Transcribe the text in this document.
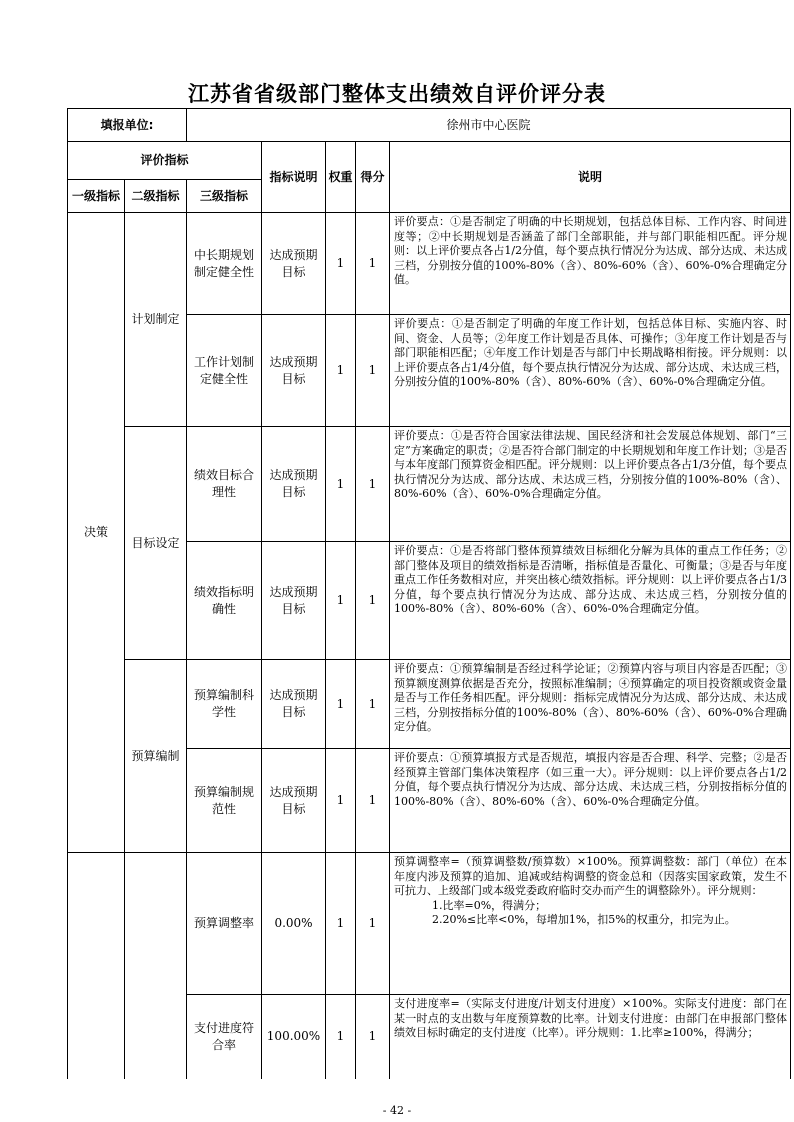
江苏省省级部门整体支出绩效自评价评分表
填报单位:		徐州市中心医院				
评价指标			指标说明	权重	得分	说明
一级指标	二级指标	三级指标				
决策	计划制定	中长期规划制定健全性	达成预期目标	1	1	评价要点：①是否制定了明确的中长期规划，包括总体目标、工作内容、时间进度等；②中长期规划是否涵盖了部门全部职能，并与部门职能相匹配。评分规则：以上评价要点各占1/2分值，每个要点执行情况分为达成、部分达成、未达成三档，分别按分值的100%-80%（含）、80%-60%（含）、60%-0%合理确定分值。

		工作计划制定健全性	达成预期目标	1	1	评价要点：①是否制定了明确的年度工作计划，包括总体目标、实施内容、时间、资金、人员等；②年度工作计划是否具体、可操作；③年度工作计划是否与部门职能相匹配；④年度工作计划是否与部门中长期战略相衔接。评分规则：以上评价要点各占1/4分值，每个要点执行情况分为达成、部分达成、未达成三档，分别按分值的100%-80%（含）、80%-60%（含）、60%-0%合理确定分值。

	目标设定	绩效目标合理性	达成预期目标	1	1	评价要点：①是否符合国家法律法规、国民经济和社会发展总体规划、部门“三定”方案确定的职责；②是否符合部门制定的中长期规划和年度工作计划；③是否与本年度部门预算资金相匹配。评分规则：以上评价要点各占1/3分值，每个要点执行情况分为达成、部分达成、未达成三档，分别按分值的100%-80%（含）、80%-60%（含）、60%-0%合理确定分值。

		绩效指标明确性	达成预期目标	1	1	评价要点：①是否将部门整体预算绩效目标细化分解为具体的重点工作任务；②部门整体及项目的绩效指标是否清晰，指标值是否量化、可衡量；③是否与年度重点工作任务数相对应，并突出核心绩效指标。评分规则：以上评价要点各占1/3分值，每个要点执行情况分为达成、部分达成、未达成三档，分别按分值的100%-80%（含）、80%-60%（含）、60%-0%合理确定分值。

	预算编制	预算编制科学性	达成预期目标	1	1	评价要点：①预算编制是否经过科学论证；②预算内容与项目内容是否匹配；③预算额度测算依据是否充分，按照标准编制；④预算确定的项目投资额或资金量是否与工作任务相匹配。评分规则：指标完成情况分为达成、部分达成、未达成三档，分别按指标分值的100%-80%（含）、80%-60%（含）、60%-0%合理确定分值。

		预算编制规范性	达成预期目标	1	1	评价要点：①预算填报方式是否规范，填报内容是否合理、科学、完整；②是否经预算主管部门集体决策程序（如三重一大）。评分规则：以上评价要点各占1/2分值，每个要点执行情况分为达成、部分达成、未达成三档，分别按指标分值的100%-80%（含）、80%-60%（含）、60%-0%合理确定分值。

		预算调整率	0.00%	1	1	预算调整率=（预算调整数/预算数）×100%。预算调整数：部门（单位）在本年度内涉及预算的追加、追减或结构调整的资金总和（因落实国家政策，发生不可抗力、上级部门或本级党委政府临时交办而产生的调整除外）。评分规则：

1.比率=0%，得满分；

2.20%≤比率<0%，每增加1%，扣5%的权重分，扣完为止。

		支付进度符合率	100.00%	1	1	支付进度率=（实际支付进度/计划支付进度）×100%。实际支付进度：部门在某一时点的支出数与年度预算数的比率。计划支付进度：由部门在申报部门整体绩效目标时确定的支付进度（比率）。评分规则：1.比率≥100%，得满分；

- 42 -
